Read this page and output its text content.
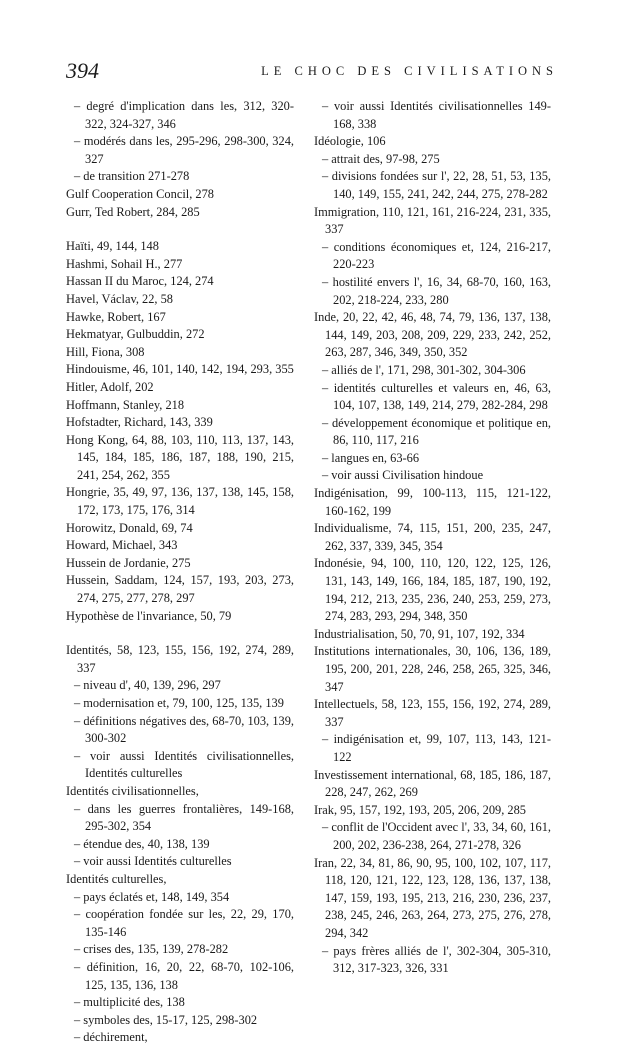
394	LE CHOC DES CIVILISATIONS
– degré d'implication dans les, 312, 320-322, 324-327, 346
– modérés dans les, 295-296, 298-300, 324, 327
– de transition 271-278
Gulf Cooperation Concil, 278
Gurr, Ted Robert, 284, 285
Haïti, 49, 144, 148
Hashmi, Sohail H., 277
Hassan II du Maroc, 124, 274
Havel, Václav, 22, 58
Hawke, Robert, 167
Hekmatyar, Gulbuddin, 272
Hill, Fiona, 308
Hindouisme, 46, 101, 140, 142, 194, 293, 355
Hitler, Adolf, 202
Hoffmann, Stanley, 218
Hofstadter, Richard, 143, 339
Hong Kong, 64, 88, 103, 110, 113, 137, 143, 145, 184, 185, 186, 187, 188, 190, 215, 241, 254, 262, 355
Hongrie, 35, 49, 97, 136, 137, 138, 145, 158, 172, 173, 175, 176, 314
Horowitz, Donald, 69, 74
Howard, Michael, 343
Hussein de Jordanie, 275
Hussein, Saddam, 124, 157, 193, 203, 273, 274, 275, 277, 278, 297
Hypothèse de l'invariance, 50, 79
Identités, 58, 123, 155, 156, 192, 274, 289, 337
– niveau d', 40, 139, 296, 297
– modernisation et, 79, 100, 125, 135, 139
– définitions négatives des, 68-70, 103, 139, 300-302
– voir aussi Identités civilisationnelles, Identités culturelles
Identités civilisationnelles,
– dans les guerres frontalières, 149-168, 295-302, 354
– étendue des, 40, 138, 139
– voir aussi Identités culturelles
Identités culturelles,
– pays éclatés et, 148, 149, 354
– coopération fondée sur les, 22, 29, 170, 135-146
– crises des, 135, 139, 278-282
– définition, 16, 20, 22, 68-70, 102-106, 125, 135, 136, 138
– multiplicité des, 138
– symboles des, 15-17, 125, 298-302
– déchirement,
– voir aussi Identités civilisationnelles 149-168, 338
Idéologie, 106
– attrait des, 97-98, 275
– divisions fondées sur l', 22, 28, 51, 53, 135, 140, 149, 155, 241, 242, 244, 275, 278-282
Immigration, 110, 121, 161, 216-224, 231, 335, 337
– conditions économiques et, 124, 216-217, 220-223
– hostilité envers l', 16, 34, 68-70, 160, 163, 202, 218-224, 233, 280
Inde, 20, 22, 42, 46, 48, 74, 79, 136, 137, 138, 144, 149, 203, 208, 209, 229, 233, 242, 252, 263, 287, 346, 349, 350, 352
– alliés de l', 171, 298, 301-302, 304-306
– identités culturelles et valeurs en, 46, 63, 104, 107, 138, 149, 214, 279, 282-284, 298
– développement économique et politique en, 86, 110, 117, 216
– langues en, 63-66
– voir aussi Civilisation hindoue
Indigénisation, 99, 100-113, 115, 121-122, 160-162, 199
Individualisme, 74, 115, 151, 200, 235, 247, 262, 337, 339, 345, 354
Indonésie, 94, 100, 110, 120, 122, 125, 126, 131, 143, 149, 166, 184, 185, 187, 190, 192, 194, 212, 213, 235, 236, 240, 253, 259, 273, 274, 283, 293, 294, 348, 350
Industrialisation, 50, 70, 91, 107, 192, 334
Institutions internationales, 30, 106, 136, 189, 195, 200, 201, 228, 246, 258, 265, 325, 346, 347
Intellectuels, 58, 123, 155, 156, 192, 274, 289, 337
– indigénisation et, 99, 107, 113, 143, 121-122
Investissement international, 68, 185, 186, 187, 228, 247, 262, 269
Irak, 95, 157, 192, 193, 205, 206, 209, 285
– conflit de l'Occident avec l', 33, 34, 60, 161, 200, 202, 236-238, 264, 271-278, 326
Iran, 22, 34, 81, 86, 90, 95, 100, 102, 107, 117, 118, 120, 121, 122, 123, 128, 136, 137, 138, 147, 159, 193, 195, 213, 216, 230, 236, 237, 238, 245, 246, 263, 264, 273, 275, 276, 278, 294, 342
– pays frères alliés de l', 302-304, 305-310, 312, 317-323, 326, 331
